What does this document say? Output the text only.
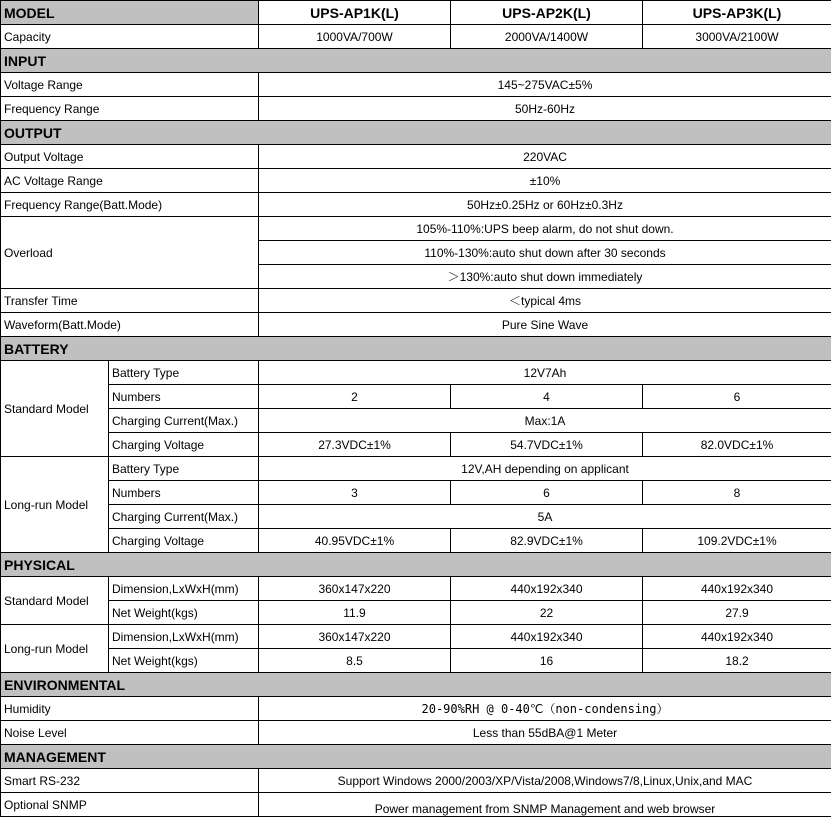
MODEL		UPS-AP1K(L)	UPS-AP2K(L)	UPS-AP3K(L)
Capacity		1000VA/700W	2000VA/1400W	3000VA/2100W
INPUT				
Voltage Range		145~275VAC±5%		
Frequency Range		50Hz-60Hz		
OUTPUT				
Output Voltage		220VAC		
AC Voltage Range		±10%		
Frequency Range(Batt.Mode)		50Hz±0.25Hz or 60Hz±0.3Hz		
Overload		105%-110%:UPS beep alarm, do not shut down.		
		110%-130%:auto shut down after 30 seconds		
		＞130%:auto shut down immediately		
Transfer Time		＜typical 4ms		
Waveform(Batt.Mode)		Pure Sine Wave		
BATTERY				
Standard Model	Battery Type	12V7Ah		
	Numbers	2	4	6
	Charging Current(Max.)	Max:1A		
	Charging Voltage	27.3VDC±1%	54.7VDC±1%	82.0VDC±1%
Long-run Model	Battery Type	12V,AH depending on applicant		
	Numbers	3	6	8
	Charging Current(Max.)	5A		
	Charging Voltage	40.95VDC±1%	82.9VDC±1%	109.2VDC±1%
PHYSICAL				
Standard Model	Dimension,LxWxH(mm)	360x147x220	440x192x340	440x192x340
	Net Weight(kgs)	11.9	22	27.9
Long-run Model	Dimension,LxWxH(mm)	360x147x220	440x192x340	440x192x340
	Net Weight(kgs)	8.5	16	18.2
ENVIRONMENTAL				
Humidity		20-90%RH @ 0-40℃（non-condensing）		
Noise Level		Less than 55dBA@1 Meter		
MANAGEMENT				
Smart RS-232		Support Windows 2000/2003/XP/Vista/2008,Windows7/8,Linux,Unix,and MAC		
Optional SNMP		Power management from SNMP Management and web browser		
